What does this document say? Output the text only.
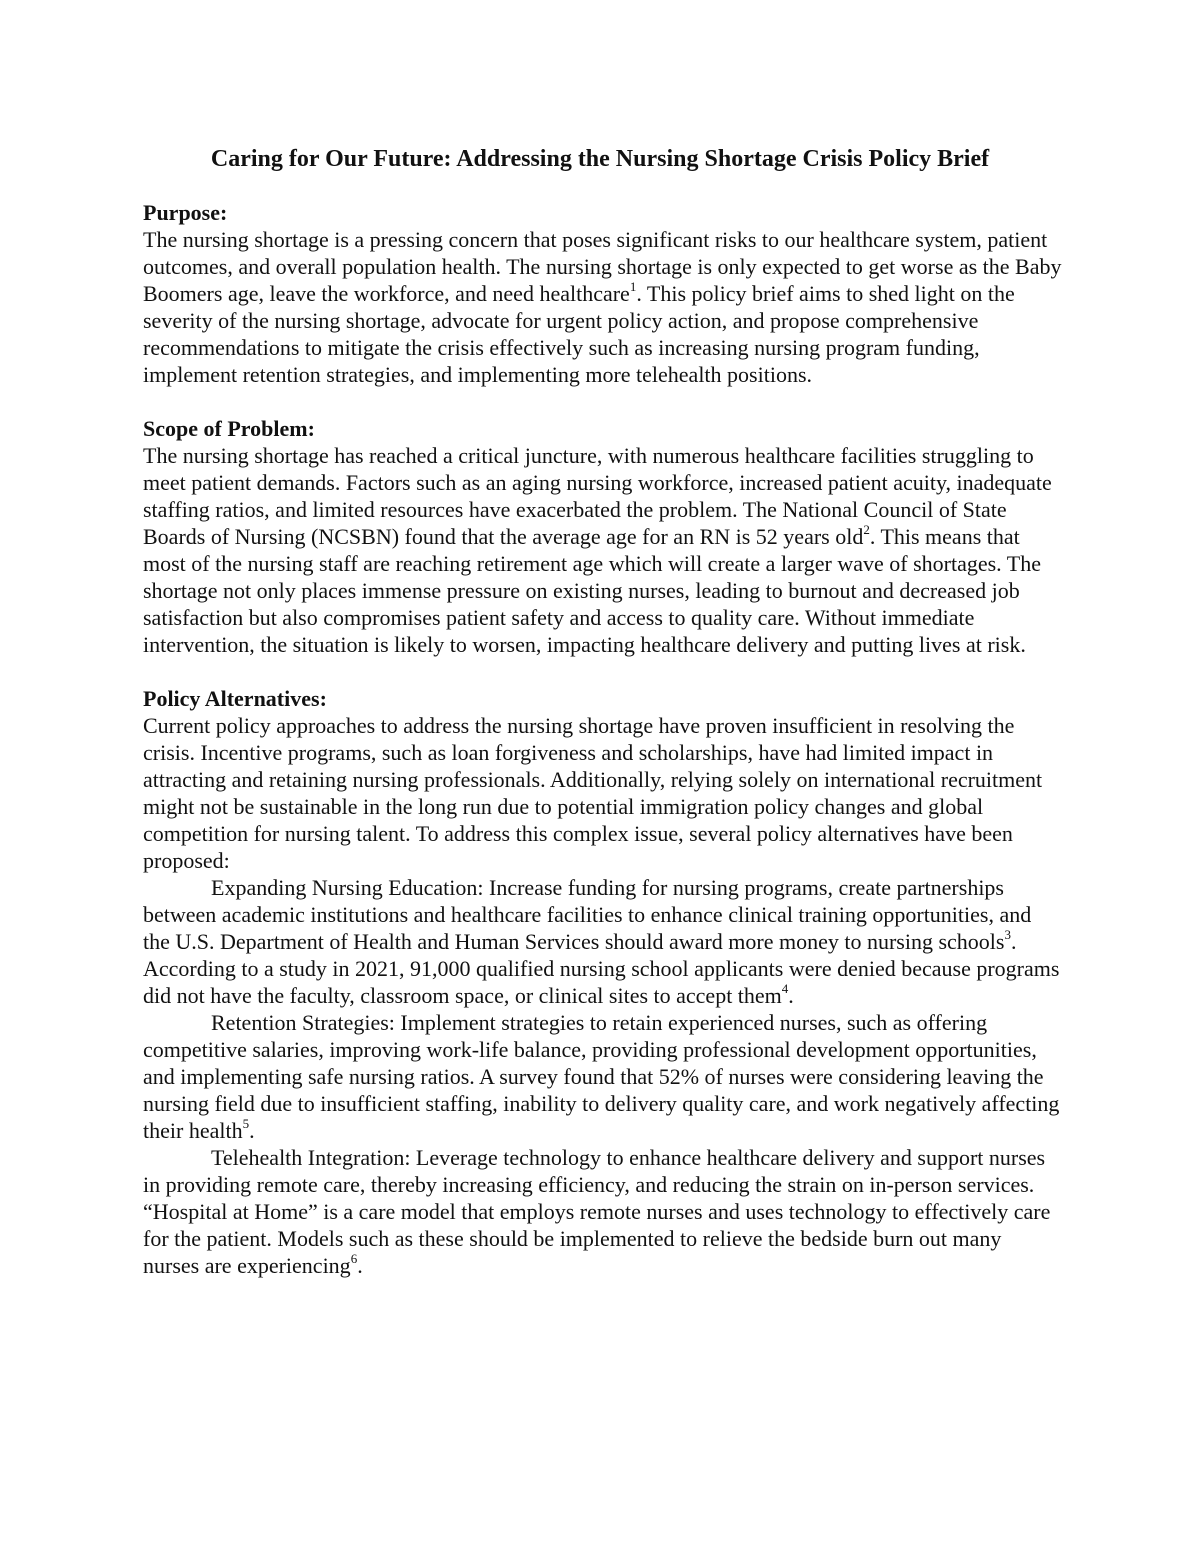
Caring for Our Future: Addressing the Nursing Shortage Crisis Policy Brief

Purpose:

The nursing shortage is a pressing concern that poses significant risks to our healthcare system, patient outcomes, and overall population health. The nursing shortage is only expected to get worse as the Baby Boomers age, leave the workforce, and need healthcare$^1$. This policy brief aims to shed light on the severity of the nursing shortage, advocate for urgent policy action, and propose comprehensive recommendations to mitigate the crisis effectively such as increasing nursing program funding, implement retention strategies, and implementing more telehealth positions.

Scope of Problem:

The nursing shortage has reached a critical juncture, with numerous healthcare facilities struggling to meet patient demands. Factors such as an aging nursing workforce, increased patient acuity, inadequate staffing ratios, and limited resources have exacerbated the problem. The National Council of State Boards of Nursing (NCSBN) found that the average age for an RN is 52 years old$^2$. This means that most of the nursing staff are reaching retirement age which will create a larger wave of shortages. The shortage not only places immense pressure on existing nurses, leading to burnout and decreased job satisfaction but also compromises patient safety and access to quality care. Without immediate intervention, the situation is likely to worsen, impacting healthcare delivery and putting lives at risk.

Policy Alternatives:

Current policy approaches to address the nursing shortage have proven insufficient in resolving the crisis. Incentive programs, such as loan forgiveness and scholarships, have had limited impact in attracting and retaining nursing professionals. Additionally, relying solely on international recruitment might not be sustainable in the long run due to potential immigration policy changes and global competition for nursing talent. To address this complex issue, several policy alternatives have been proposed:

Expanding Nursing Education: Increase funding for nursing programs, create partnerships between academic institutions and healthcare facilities to enhance clinical training opportunities, and the U.S. Department of Health and Human Services should award more money to nursing schools$^3$. According to a study in 2021, 91,000 qualified nursing school applicants were denied because programs did not have the faculty, classroom space, or clinical sites to accept them$^4$.

Retention Strategies: Implement strategies to retain experienced nurses, such as offering competitive salaries, improving work-life balance, providing professional development opportunities, and implementing safe nursing ratios. A survey found that 52% of nurses were considering leaving the nursing field due to insufficient staffing, inability to delivery quality care, and work negatively affecting their health$^5$.

Telehealth Integration: Leverage technology to enhance healthcare delivery and support nurses in providing remote care, thereby increasing efficiency, and reducing the strain on in-person services. “Hospital at Home” is a care model that employs remote nurses and uses technology to effectively care for the patient. Models such as these should be implemented to relieve the bedside burn out many nurses are experiencing$^6$.
